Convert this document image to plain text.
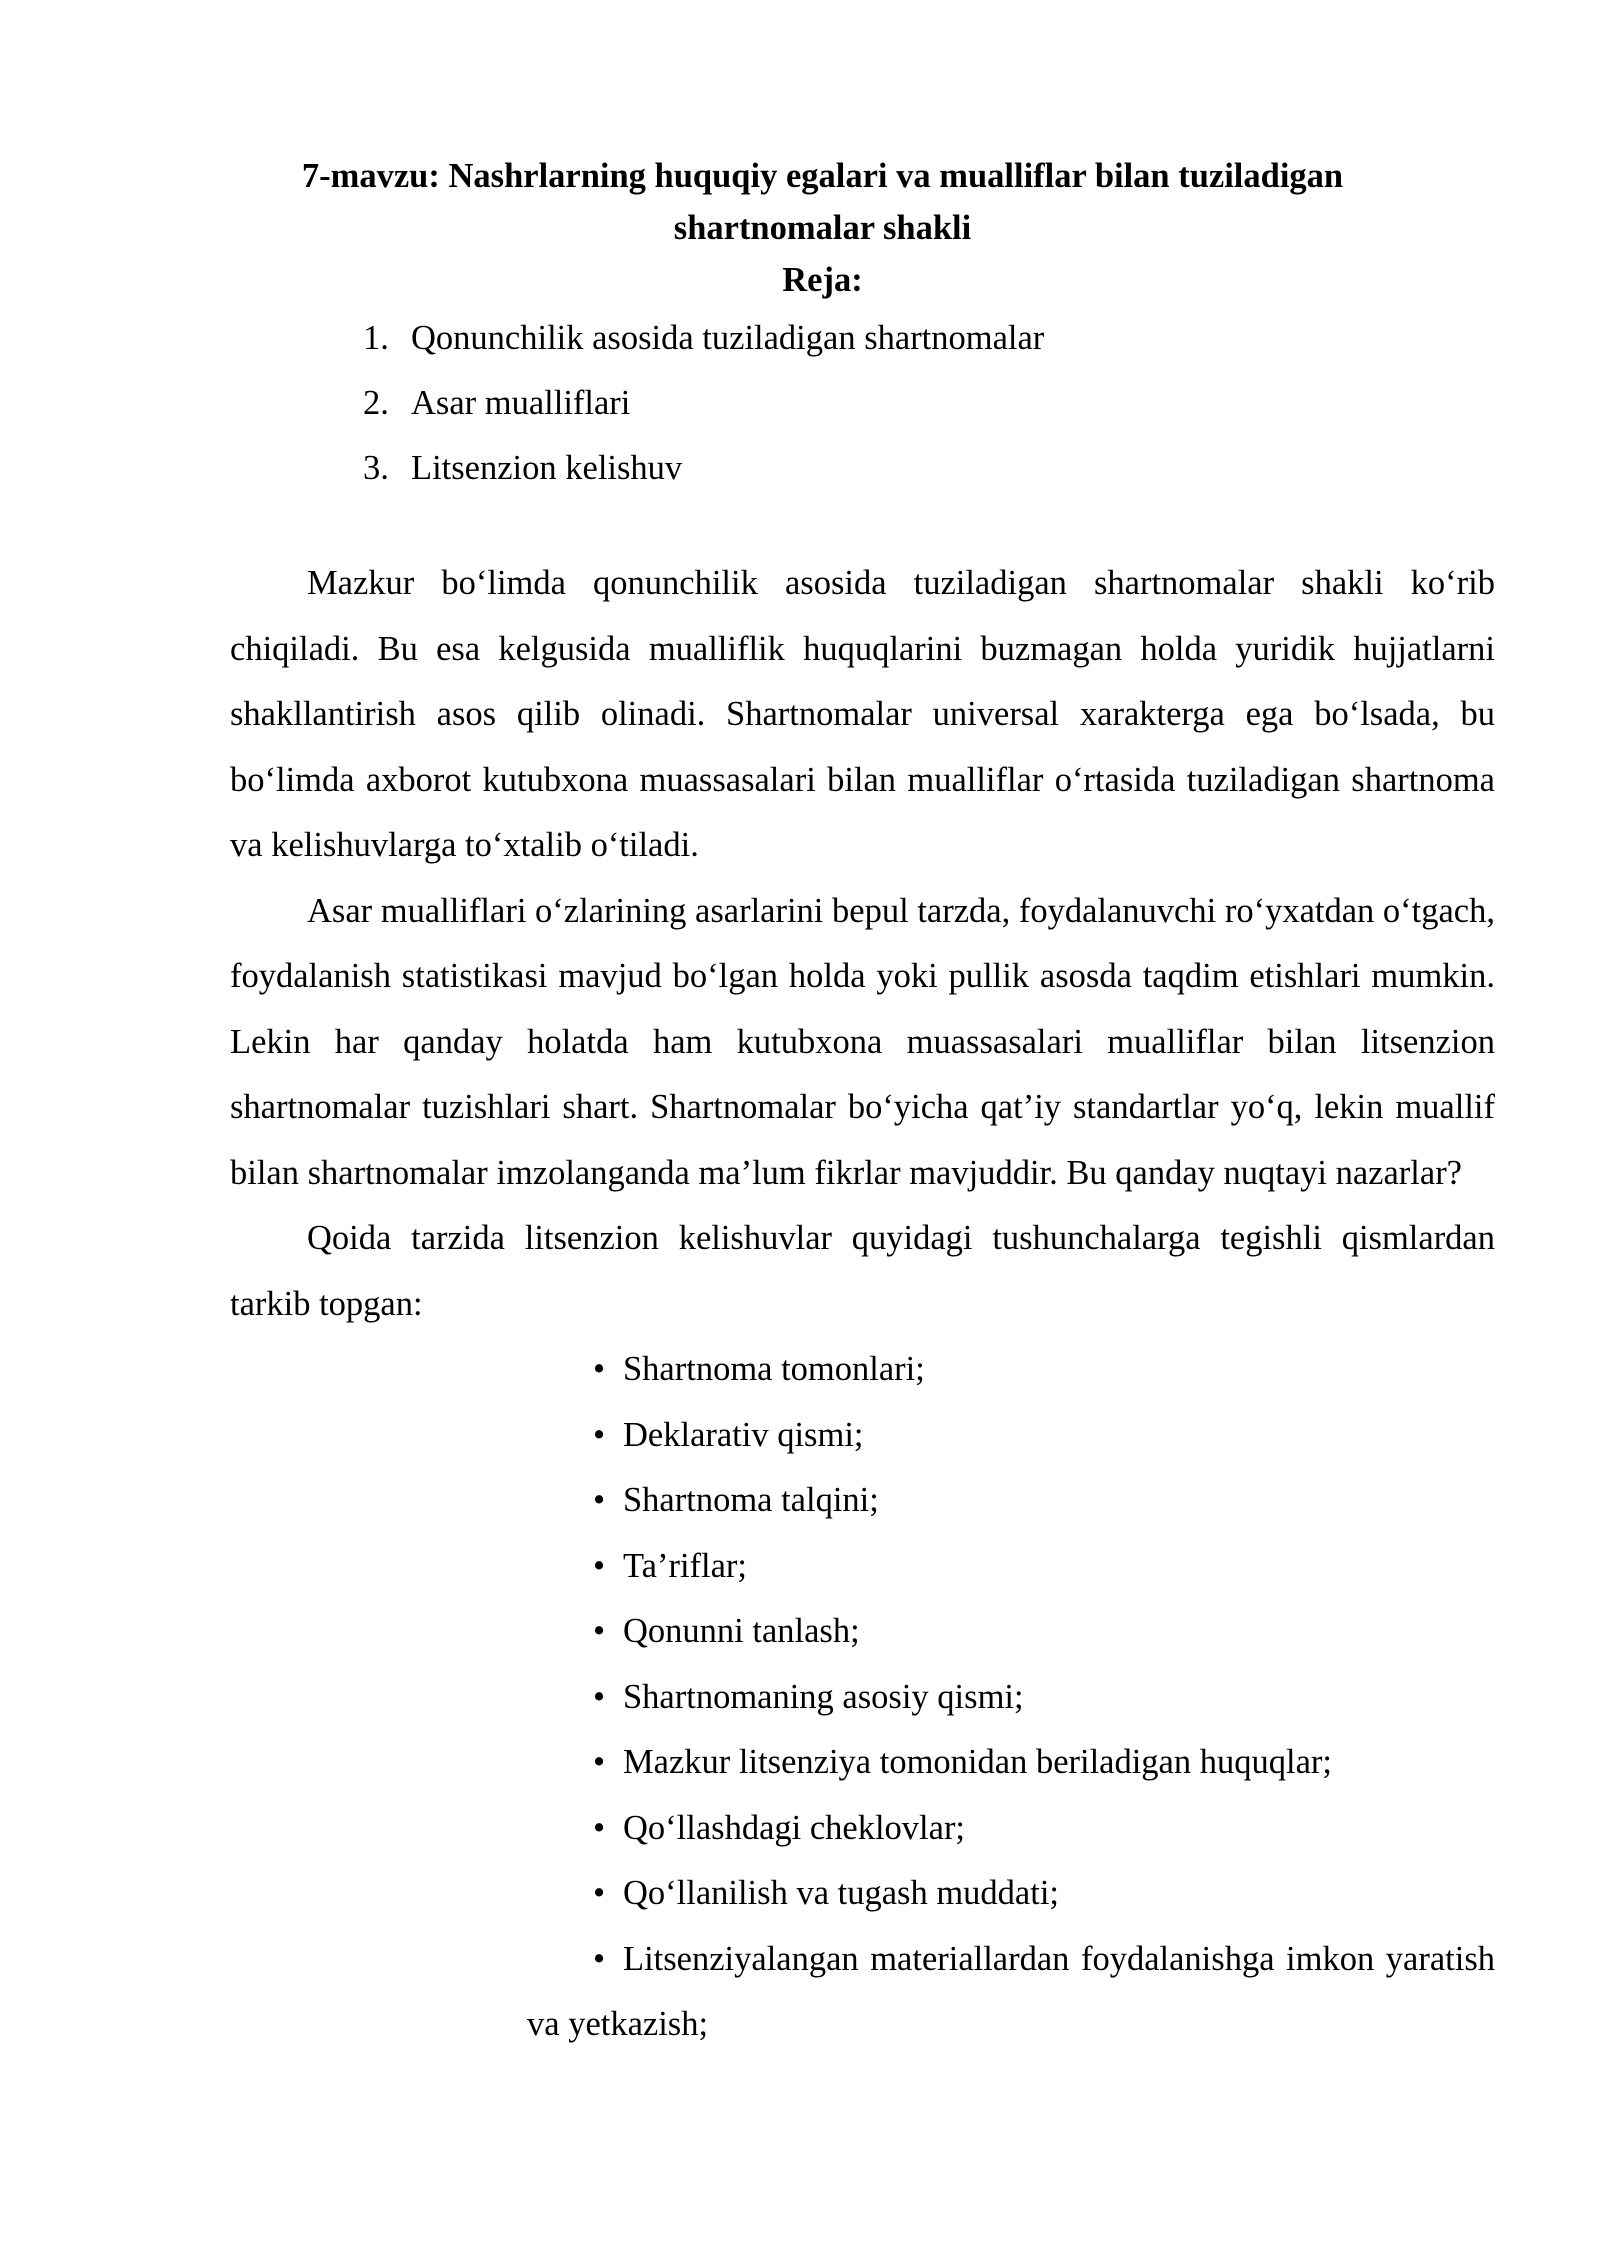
7-mavzu: Nashrlarning huquqiy egalari va mualliflar bilan tuziladigan
shartnomalar shakli
Reja:
1. Qonunchilik asosida tuziladigan shartnomalar
2. Asar mualliflari
3. Litsenzion kelishuv

Mazkur bo‘limda qonunchilik asosida tuziladigan shartnomalar shakli ko‘rib chiqiladi. Bu esa kelgusida mualliflik huquqlarini buzmagan holda yuridik hujjatlarni shakllantirish asos qilib olinadi. Shartnomalar universal xarakterga ega bo‘lsada, bu bo‘limda axborot kutubxona muassasalari bilan mualliflar o‘rtasida tuziladigan shartnoma va kelishuvlarga to‘xtalib o‘tiladi.

Asar mualliflari o‘zlarining asarlarini bepul tarzda, foydalanuvchi ro‘yxatdan o‘tgach, foydalanish statistikasi mavjud bo‘lgan holda yoki pullik asosda taqdim etishlari mumkin. Lekin har qanday holatda ham kutubxona muassasalari mualliflar bilan litsenzion shartnomalar tuzishlari shart. Shartnomalar bo‘yicha qat’iy standartlar yo‘q, lekin muallif bilan shartnomalar imzolanganda ma’lum fikrlar mavjuddir. Bu qanday nuqtayi nazarlar?

Qoida tarzida litsenzion kelishuvlar quyidagi tushunchalarga tegishli qismlardan tarkib topgan:

• Shartnoma tomonlari;
• Deklarativ qismi;
• Shartnoma talqini;
• Ta’riflar;
• Qonunni tanlash;
• Shartnomaning asosiy qismi;
• Mazkur litsenziya tomonidan beriladigan huquqlar;
• Qo‘llashdagi cheklovlar;
• Qo‘llanilish va tugash muddati;

• Litsenziyalangan materiallardan foydalanishga imkon yaratish va yetkazish;
